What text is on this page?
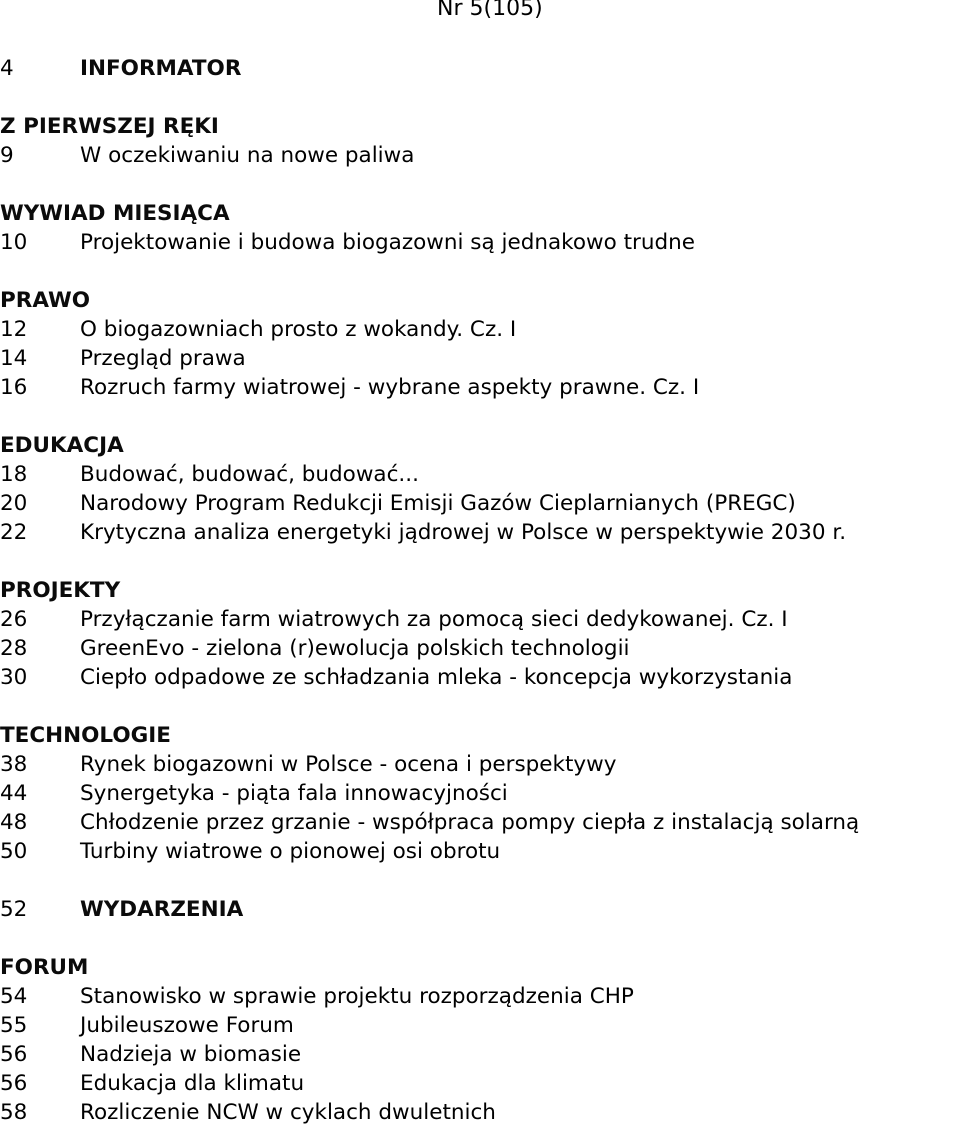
Nr 5(105)
4	INFORMATOR
Z PIERWSZEJ RĘKI
9	W oczekiwaniu na nowe paliwa
WYWIAD MIESIĄCA
10 Projektowanie i budowa biogazowni są jednakowo trudne
PRAWO
12 O biogazowniach prosto z wokandy. Cz. I
14 Przegląd prawa
16 Rozruch farmy wiatrowej - wybrane aspekty prawne. Cz. I
EDUKACJA
18 Budować, budować, budować...
20 Narodowy Program Redukcji Emisji Gazów Cieplarnianych (PREGC)
22 Krytyczna analiza energetyki jądrowej w Polsce w perspektywie 2030 r.
PROJEKTY
26 Przyłączanie farm wiatrowych za pomocą sieci dedykowanej. Cz. I
28 GreenEvo - zielona (r)ewolucja polskich technologii
30 Ciepło odpadowe ze schładzania mleka - koncepcja wykorzystania
TECHNOLOGIE
38 Rynek biogazowni w Polsce - ocena i perspektywy
44 Synergetyka - piąta fala innowacyjności
48 Chłodzenie przez grzanie - współpraca pompy ciepła z instalacją solarną
50 Turbiny wiatrowe o pionowej osi obrotu
52 WYDARZENIA
FORUM
54 Stanowisko w sprawie projektu rozporządzenia CHP
55 Jubileuszowe Forum
56 Nadzieja w biomasie
56 Edukacja dla klimatu
58 Rozliczenie NCW w cyklach dwuletnich
